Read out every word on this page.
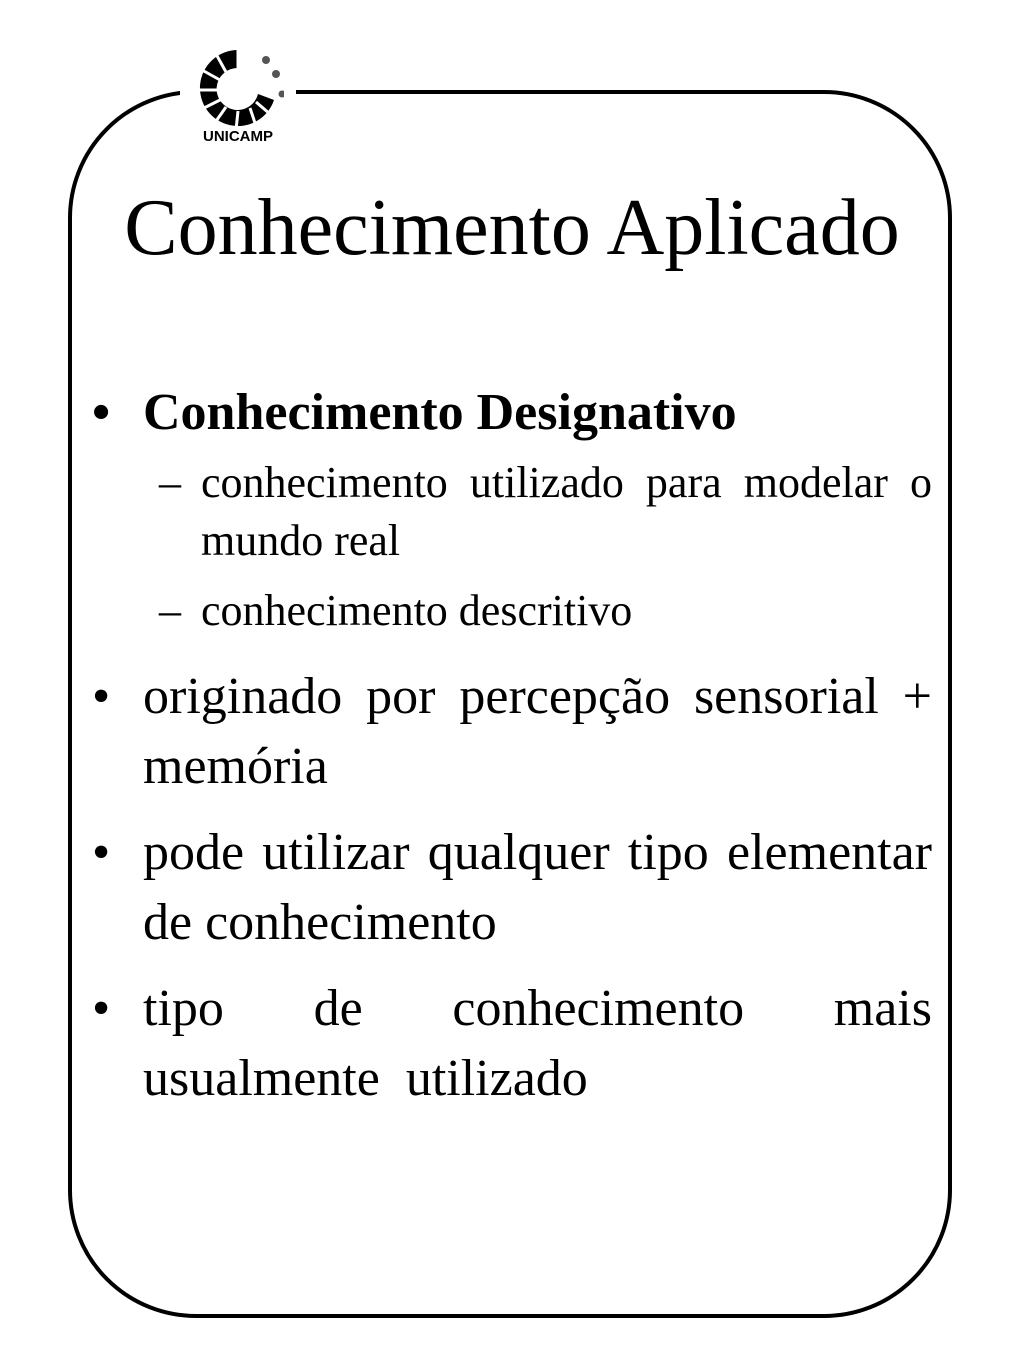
UNICAMP
Conhecimento Aplicado
• Conhecimento Designativo
– conhecimento utilizado para modelar o mundo real
– conhecimento descritivo
• originado por percepção sensorial + memória
• pode utilizar qualquer tipo elementar de conhecimento
• tipo de conhecimento mais usualmente  utilizado
